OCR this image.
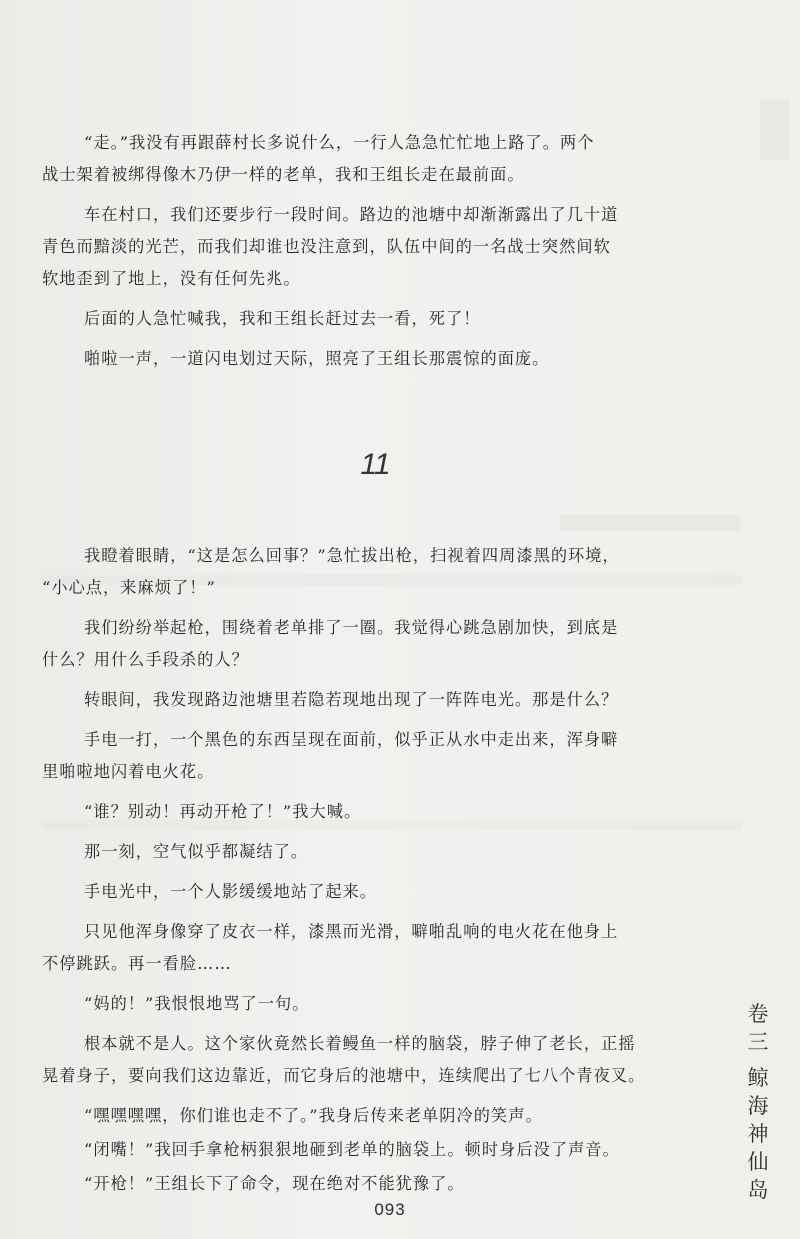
“走。”我没有再跟薛村长多说什么，一行人急急忙忙地上路了。两个
战士架着被绑得像木乃伊一样的老单，我和王组长走在最前面。

车在村口，我们还要步行一段时间。路边的池塘中却渐渐露出了几十道
青色而黯淡的光芒，而我们却谁也没注意到，队伍中间的一名战士突然间软
软地歪到了地上，没有任何先兆。

后面的人急忙喊我，我和王组长赶过去一看，死了！

啪啦一声，一道闪电划过天际，照亮了王组长那震惊的面庞。

11

我瞪着眼睛，“这是怎么回事？”急忙拔出枪，扫视着四周漆黑的环境，
“小心点，来麻烦了！”

我们纷纷举起枪，围绕着老单排了一圈。我觉得心跳急剧加快，到底是
什么？用什么手段杀的人？

转眼间，我发现路边池塘里若隐若现地出现了一阵阵电光。那是什么？

手电一打，一个黑色的东西呈现在面前，似乎正从水中走出来，浑身噼
里啪啦地闪着电火花。

“谁？别动！再动开枪了！”我大喊。

那一刻，空气似乎都凝结了。

手电光中，一个人影缓缓地站了起来。

只见他浑身像穿了皮衣一样，漆黑而光滑，噼啪乱响的电火花在他身上
不停跳跃。再一看脸……

“妈的！”我恨恨地骂了一句。

根本就不是人。这个家伙竟然长着鳗鱼一样的脑袋，脖子伸了老长，正摇
晃着身子，要向我们这边靠近，而它身后的池塘中，连续爬出了七八个青夜叉。

“嘿嘿嘿嘿，你们谁也走不了。”我身后传来老单阴冷的笑声。

“闭嘴！”我回手拿枪柄狠狠地砸到老单的脑袋上。顿时身后没了声音。

“开枪！”王组长下了命令，现在绝对不能犹豫了。

卷
三
鲸
海
神
仙
岛
093
